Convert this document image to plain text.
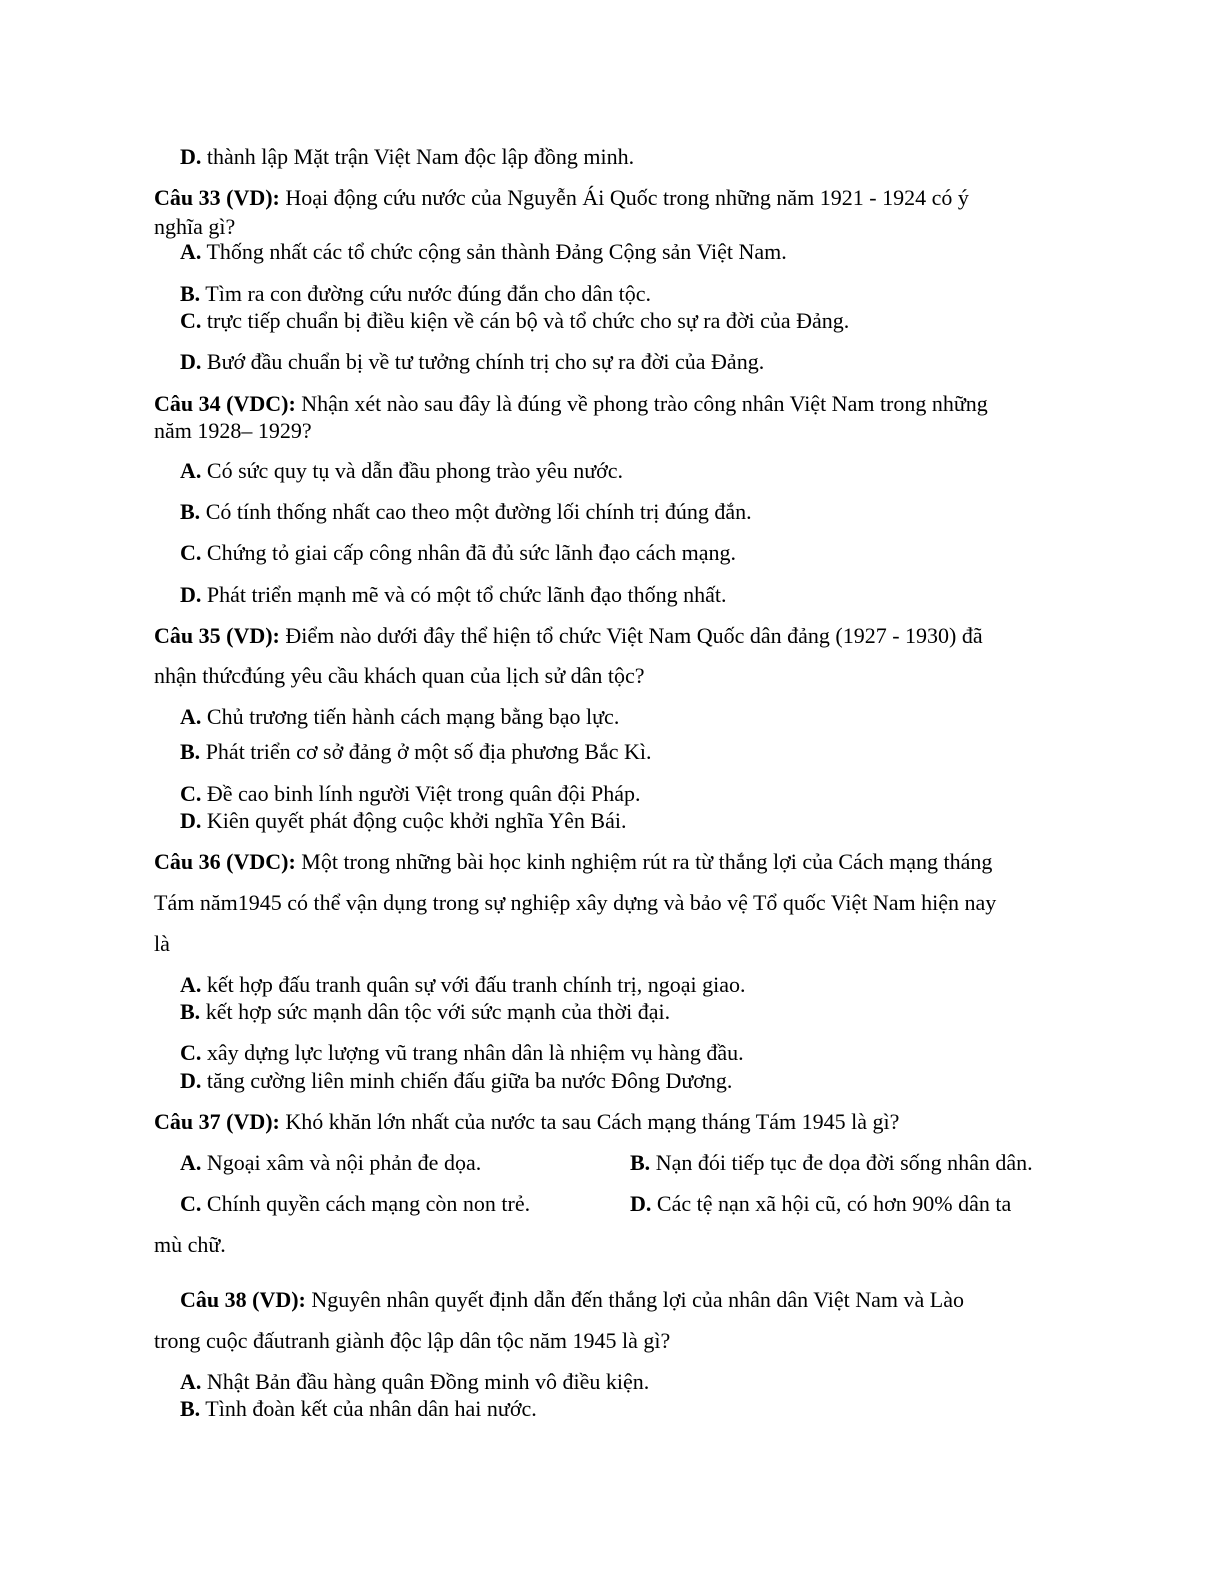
D. thành lập Mặt trận Việt Nam độc lập đồng minh.
Câu 33 (VD): Hoại động cứu nước của Nguyễn Ái Quốc trong những năm 1921 - 1924 có ý
nghĩa gì?
A. Thống nhất các tổ chức cộng sản thành Đảng Cộng sản Việt Nam.
B. Tìm ra con đường cứu nước đúng đắn cho dân tộc.
C. trực tiếp chuẩn bị điều kiện về cán bộ và tổ chức cho sự ra đời của Đảng.
D. Bướ đầu chuẩn bị về tư tưởng chính trị cho sự ra đời của Đảng.
Câu 34 (VDC): Nhận xét nào sau đây là đúng về phong trào công nhân Việt Nam trong những
năm 1928– 1929?
A. Có sức quy tụ và dẫn đầu phong trào yêu nước.
B. Có tính thống nhất cao theo một đường lối chính trị đúng đắn.
C. Chứng tỏ giai cấp công nhân đã đủ sức lãnh đạo cách mạng.
D. Phát triển mạnh mẽ và có một tổ chức lãnh đạo thống nhất.
Câu 35 (VD): Điểm nào dưới đây thể hiện tổ chức Việt Nam Quốc dân đảng (1927 - 1930) đã
nhận thứcđúng yêu cầu khách quan của lịch sử dân tộc?
A. Chủ trương tiến hành cách mạng bằng bạo lực.
B. Phát triển cơ sở đảng ở một số địa phương Bắc Kì.
C. Đề cao binh lính người Việt trong quân đội Pháp.
D. Kiên quyết phát động cuộc khởi nghĩa Yên Bái.
Câu 36 (VDC): Một trong những bài học kinh nghiệm rút ra từ thắng lợi của Cách mạng tháng
Tám năm1945 có thể vận dụng trong sự nghiệp xây dựng và bảo vệ Tổ quốc Việt Nam hiện nay
là
A. kết hợp đấu tranh quân sự với đấu tranh chính trị, ngoại giao.
B. kết hợp sức mạnh dân tộc với sức mạnh của thời đại.
C. xây dựng lực lượng vũ trang nhân dân là nhiệm vụ hàng đầu.
D. tăng cường liên minh chiến đấu giữa ba nước Đông Dương.
Câu 37 (VD): Khó khăn lớn nhất của nước ta sau Cách mạng tháng Tám 1945 là gì?
A. Ngoại xâm và nội phản đe dọa.	B. Nạn đói tiếp tục đe dọa đời sống nhân dân.
C. Chính quyền cách mạng còn non trẻ.	D. Các tệ nạn xã hội cũ, có hơn 90% dân ta
mù chữ.
Câu 38 (VD): Nguyên nhân quyết định dẫn đến thắng lợi của nhân dân Việt Nam và Lào
trong cuộc đấutranh giành độc lập dân tộc năm 1945 là gì?
A. Nhật Bản đầu hàng quân Đồng minh vô điều kiện.
B. Tình đoàn kết của nhân dân hai nước.
